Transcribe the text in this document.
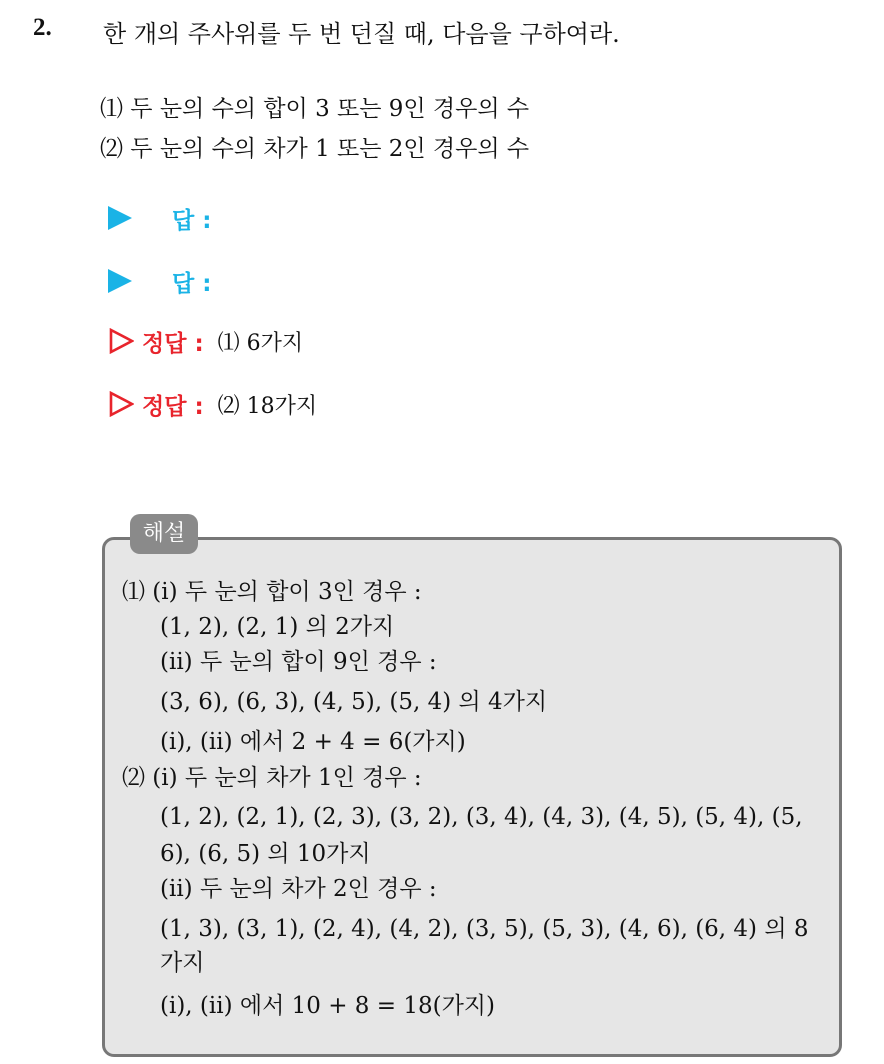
2. 한 개의 주사위를 두 번 던질 때, 다음을 구하여라.
⑴ 두 눈의 수의 합이 3 또는 9인 경우의 수
⑵ 두 눈의 수의 차가 1 또는 2인 경우의 수
답 :
답 :
정답 : ⑴ 6가지
정답 : ⑵ 18가지
해설
⑴ (i) 두 눈의 합이 3인 경우 :
(1, 2), (2, 1) 의 2가지
(ii) 두 눈의 합이 9인 경우 :
(3, 6), (6, 3), (4, 5), (5, 4) 의 4가지
(i), (ii) 에서 2 + 4 = 6(가지)
⑵ (i) 두 눈의 차가 1인 경우 :
(1, 2), (2, 1), (2, 3), (3, 2), (3, 4), (4, 3), (4, 5), (5, 4), (5,
6), (6, 5) 의 10가지
(ii) 두 눈의 차가 2인 경우 :
(1, 3), (3, 1), (2, 4), (4, 2), (3, 5), (5, 3), (4, 6), (6, 4) 의 8
가지
(i), (ii) 에서 10 + 8 = 18(가지)
